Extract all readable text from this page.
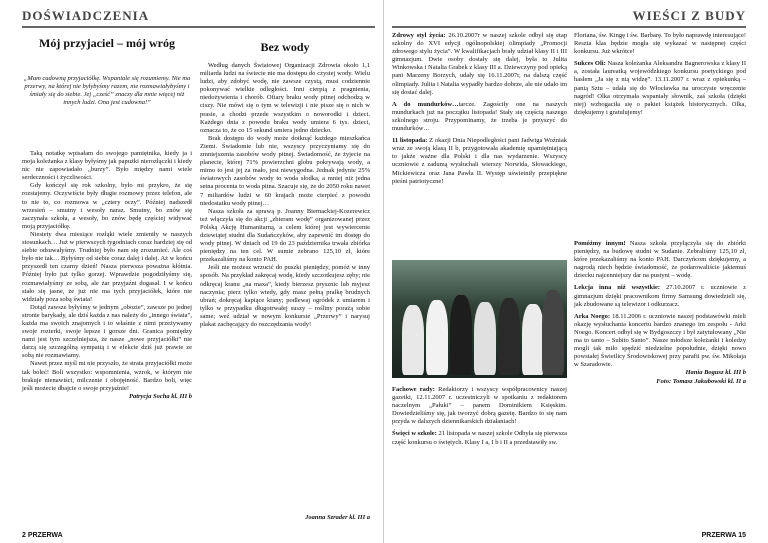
DOŚWIADCZENIA
Mój przyjaciel – mój wróg
„Mam cudowną przyjaciółkę. Wspaniale się rozumiemy. Nie ma przerwy, na której nie byłybyśmy razem, nie rozmawiałybyśmy i śmiały się do siebie. Jej „cześć” znaczy dla mnie więcej niż innych ludzi. Ona jest cudowna!”

Taką notatkę wpisałam do swojego pamiętnika, kiedy ja i moja koleżanka z klasy byłyśmy jak papużki nierozłączki i kiedy nic nie zapowiadało „burzy”. Było między nami wiele serdeczności i życzliwości.

Gdy kończył się rok szkolny, było mi przykro, że się rozstajemy. Oczywiście były długie rozmowy przez telefon, ale to nie to, co rozmowa w „cztery oczy”. Później nadszedł wrzesień – smutny i wesoły naraz. Smutny, bo znów się zaczynała szkoła, a wesoły, bo znów będę częściej widywać moją przyjaciółkę.

Niestety dwa miesiące rozłąki wiele zmieniły w naszych stosunkach… Już w pierwszych tygodniach coraz bardziej się od siebie odsuwałyśmy. Trudniej było nam się zrozumieć. Ale coś było nie tak… Byłyśmy od siebie coraz dalej i dalej. Aż w końcu przyszedł ten czarny dzień! Nasza pierwsza poważna kłótnia. Później było już tylko gorzej. Wprawdzie pogodziłyśmy się, rozmawiałyśmy ze sobą, ale żar przyjaźni dogasał. I w końcu stało się jasne, że już nie ma tych przyjaciółek, które nie widziały poza sobą świata!

Dotąd zawsze byłyśmy w jednym „obozie”, zawsze po jednej stronie barykady, ale dziś każda z nas należy do „innego świata”, każda ma swoich znajomych i to właśnie z nimi przeżywamy swoje rozterki, swoje lepsze i gorsze dni. Granica pomiędzy nami jest tym szczelniejsza, że nasze „nowe przyjaciółki” nie darzą się szczególną sympatią i w efekcie dziś już prawie ze sobą nie rozmawiamy.

Nawet przez myśl mi nie przyszło, że strata przyjaciółki może tak boleć! Boli wszystko: wspomnienia, wzrok, w którym nie brakuje nienawiści, milczenie i obojętność. Bardzo boli, więc jeśli możecie dbajcie o swoje przyjaźnie!

Patrycja Socha kl. III b
Bez wody

Według danych Światowej Organizacji Zdrowia około 1,1 miliarda ludzi na świecie nie ma dostępu do czystej wody. Wielu ludzi, aby zdobyć wodę, nie zawsze czystą, musi codziennie pokonywać wielkie odległości. Inni cierpią z pragnienia, niedożywienia i chorób. Ofiary braku wody pitnej odchodzą w ciszy. Nie mówi się o tym w telewizji i nie pisze się o nich w prasie, a chodzi przede wszystkim o noworodki i dzieci. Każdego dnia z powodu braku wody umiera 6 tys. dzieci, oznacza to, że co 15 sekund umiera jedno dziecko.

Brak dostępu do wody może dotknąć każdego mieszkańca Ziemi. Świadomie lub nie, wszyscy przyczyniamy się do zmniejszenia zasobów wody pitnej. Świadomość, że żyjecie na planecie, której 71% powierzchni globu pokrywają wody, a mimo to jest jej za mało, jest niewygodna. Jednak jedynie 25% światowych zasobów wody to woda słodka, a mniej niż jedna setna procenta to woda pitna. Szacuje się, że do 2050 roku nawet 7 miliardów ludzi w 60 krajach może cierpieć z powodu niedostatku wody pitnej…

Nasza szkoła za sprawą p. Joanny Biernackiej-Kozerewicz też włączyła się do akcji „zbieram wodę” organizowanej przez Polską Akcję Humanitarną, a celem której jest wywiercenie dziewiątej studni dla Sudańczyków, aby zapewnić im dostęp do wody pitnej. W dniach od 19 do 23 października trwała zbiórka pieniędzy na ten cel. W sumie zebrano 125,10 zł, które przekazaliśmy na konto PAH.

Jeśli nie możesz wrzucić do puszki pieniędzy, pomóż w inny sposób. Na przykład zakręcaj wodę, kiedy szczotkujesz zęby; nie odkręcaj kranu „na maxa”, kiedy bierzesz prysznic lub myjesz naczynia; pierz tylko wtedy, gdy masz pełną pralkę brudnych ubrań; dokręcaj kapiące krany; podlewaj ogródek z umiarem i tylko w przypadku długotrwałej suszy – rośliny porażą sobie same; weź udział w nowym konkursie „Przerwy” i narysuj plakat zachęcający do oszczędzania wody!

Joanna Szrader kl. III a
2 PRZERWA
WIEŚCI Z BUDY

Zdrowy styl życia: 26.10.2007r w naszej szkole odbył się etap szkolny do XVI edycji ogólnopolskiej olimpiady „Promocji zdrowego stylu życia”. W kwalifikacjach brały udział klasy II i III gimnazjum. Dwie osoby dostały się dalej, była to Julita Winkowska i Natalia Grabek z klasy III a. Dziewczyny pod opieką pani Marzeny Borzych, udały się 16.11.2007r, na dalszą część olimpiady. Julita i Natalia wypadły bardzo dobrze, ale nie udało im się dostać dalej.

A do mundurków…tarcze. Zagościły one na naszych mundurkach już na początku listopada! Stały się częścią naszego szkolnego stroju. Przypominamy, że trzeba je przyszyć do mundurków…

11 listopada: Z okazji Dnia Niepodległości pani Jadwiga Woźniak wraz ze swoją klasą II b, przygotowała akademię upamiętniającą to jakże ważne dla Polski i dla nas wydarzenie. Wszyscy uczniowie z zadumą wysłuchali wierszy Norwida, Słowackiego, Mickiewicza oraz Jana Pawła II. Występ uświetniły przepiękne pieśni patriotyczne!

Fachowe rady: Redaktorzy i wszyscy współpracownicy naszej gazetki, 12.11.2007 r. uczestniczyli w spotkaniu z redaktorem naczelnym „Pałuki” – panem Dominikiem Księskim. Dowiedzieliśmy się, jak tworzyć dobrą gazetę. Bardzo to się nam przyda w dalszych dziennikarskich działaniach!

Święci w szkole: 21 listopada w naszej szkole Odbyła się pierwsza część konkursu o świętych. Klasy I a, I b i II a przedstawiły sw.

Floriana, św. Kingę i św. Barbarę. To było naprawdę interesujące! Reszta klas będzie mogła się wykazać w następnej części konkursu. Już wkrótce!

Sukces Oli: Nasza koleżanka Aleksandra Bagnerowska z klasy II a, została laureatką wojewódzkiego konkursu poetyckiego pod hasłem „Ja się z nią widzę”. 13.11.2007 r. wraz z opiekunką – panią Sztu – udała się do Włocławka na uroczyste wręczenie nagród! Olka otrzymała wspaniały słownik, zaś szkoła (dzięki niej) wzbogaciła się o pakiet książek historycznych. Olka, dziękujemy i gratulujemy!

Pomóżmy innym! Nasza szkoła przyłączyła się do zbiórki pieniędzy, na budowę studni w Sudanie. Zebraliśmy 125,10 zł, które przekazaliśmy na konto PAH. Darczyńcom dziękujemy, a nagrodą niech będzie świadomość, że podarowaliście jakiemuś dziecku najcenniejszy dar na pustyni – wodę.

Lekcja inna niż wszystkie: 27.10.2007 r. uczniowie z gimnazjum dzięki pracownikom firmy Samsung dowiedzieli się, jak zbudowane są telewizor i odkurzacz.

Arka Noego: 18.11.2006 r. uczniowie naszej podstawówki mieli okazję wysłuchania koncertu bardzo znanego im zespołu - Arki Noego. Koncert odbył się w Bydgoszczy i był zatytułowany „Nie ma to tanto – Subito Santo”. Nasze młodsze koleżanki i koledzy mogli tak miło spędzić niedzielne popołudnie, dzięki nowo powstałej Świetlicy Środowiskowej przy parafii pw. św. Mikołaja w Szaradowie.

Hania Bogusz kl. III b
Foto: Tomasz Jakubowski kl. II a
PRZERWA 15
